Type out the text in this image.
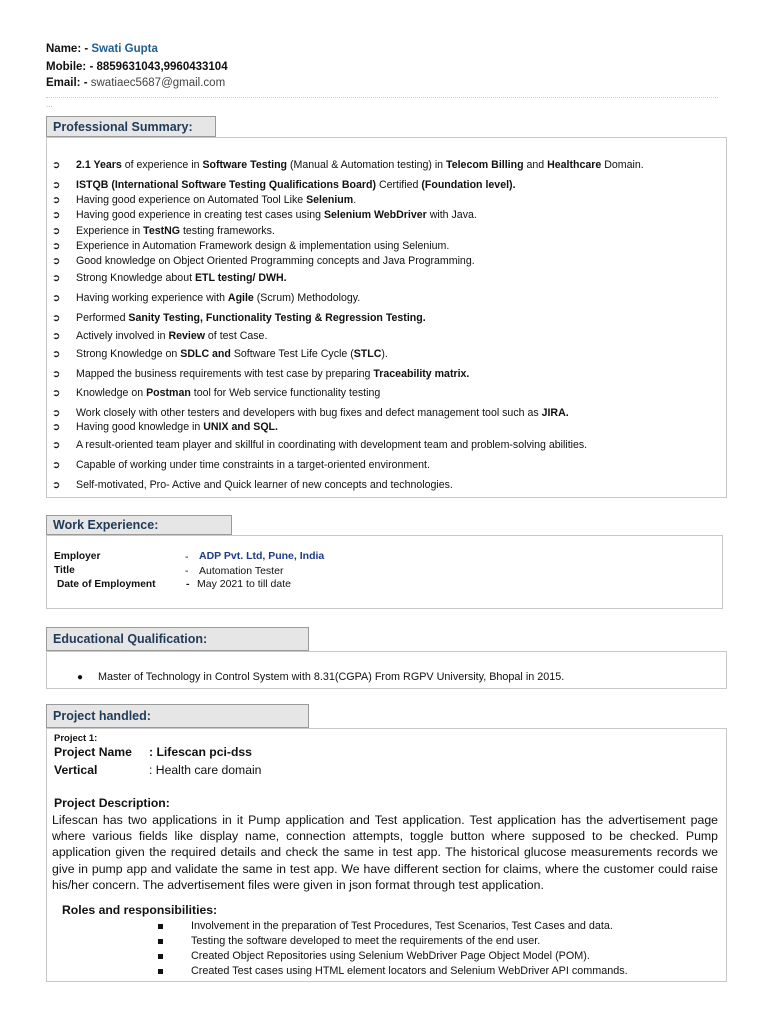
Name: - Swati Gupta
Mobile: - 8859631043,9960433104
Email: - swatiaec5687@gmail.com
...
Professional Summary:
➲ 2.1 Years of experience in Software Testing (Manual & Automation testing) in Telecom Billing and Healthcare Domain.
➲ ISTQB (International Software Testing Qualifications Board) Certified (Foundation level).
➲ Having good experience on Automated Tool Like Selenium.
➲ Having good experience in creating test cases using Selenium WebDriver with Java.
➲ Experience in TestNG testing frameworks.
➲ Experience in Automation Framework design & implementation using Selenium.
➲ Good knowledge on Object Oriented Programming concepts and Java Programming.
➲ Strong Knowledge about ETL testing/ DWH.
➲ Having working experience with Agile (Scrum) Methodology.
➲ Performed Sanity Testing, Functionality Testing & Regression Testing.
➲ Actively involved in Review of test Case.
➲ Strong Knowledge on SDLC and Software Test Life Cycle (STLC).
➲ Mapped the business requirements with test case by preparing Traceability matrix.
➲ Knowledge on Postman tool for Web service functionality testing
➲ Work closely with other testers and developers with bug fixes and defect management tool such as JIRA.
➲ Having good knowledge in UNIX and SQL.
➲ A result-oriented team player and skillful in coordinating with development team and problem-solving abilities.
➲ Capable of working under time constraints in a target-oriented environment.
➲ Self-motivated, Pro- Active and Quick learner of new concepts and technologies.
Work Experience:
Employer	- ADP Pvt. Ltd, Pune, India
Title	- Automation Tester
Date of Employment	- May 2021 to till date
Educational Qualification:
● Master of Technology in Control System with 8.31(CGPA) From RGPV University, Bhopal in 2015.
Project handled:
Project 1:
Project Name : Lifescan pci-dss
Vertical	: Health care domain
Project Description:
Lifescan has two applications in it Pump application and Test application. Test application has the advertisement page where various fields like display name, connection attempts, toggle button where supposed to be checked. Pump application given the required details and check the same in test app. The historical glucose measurements records we give in pump app and validate the same in test app. We have different section for claims, where the customer could raise his/her concern. The advertisement files were given in json format through test application.
Roles and responsibilities:
Involvement in the preparation of Test Procedures, Test Scenarios, Test Cases and data.
Testing the software developed to meet the requirements of the end user.
Created Object Repositories using Selenium WebDriver Page Object Model (POM).
Created Test cases using HTML element locators and Selenium WebDriver API commands.
